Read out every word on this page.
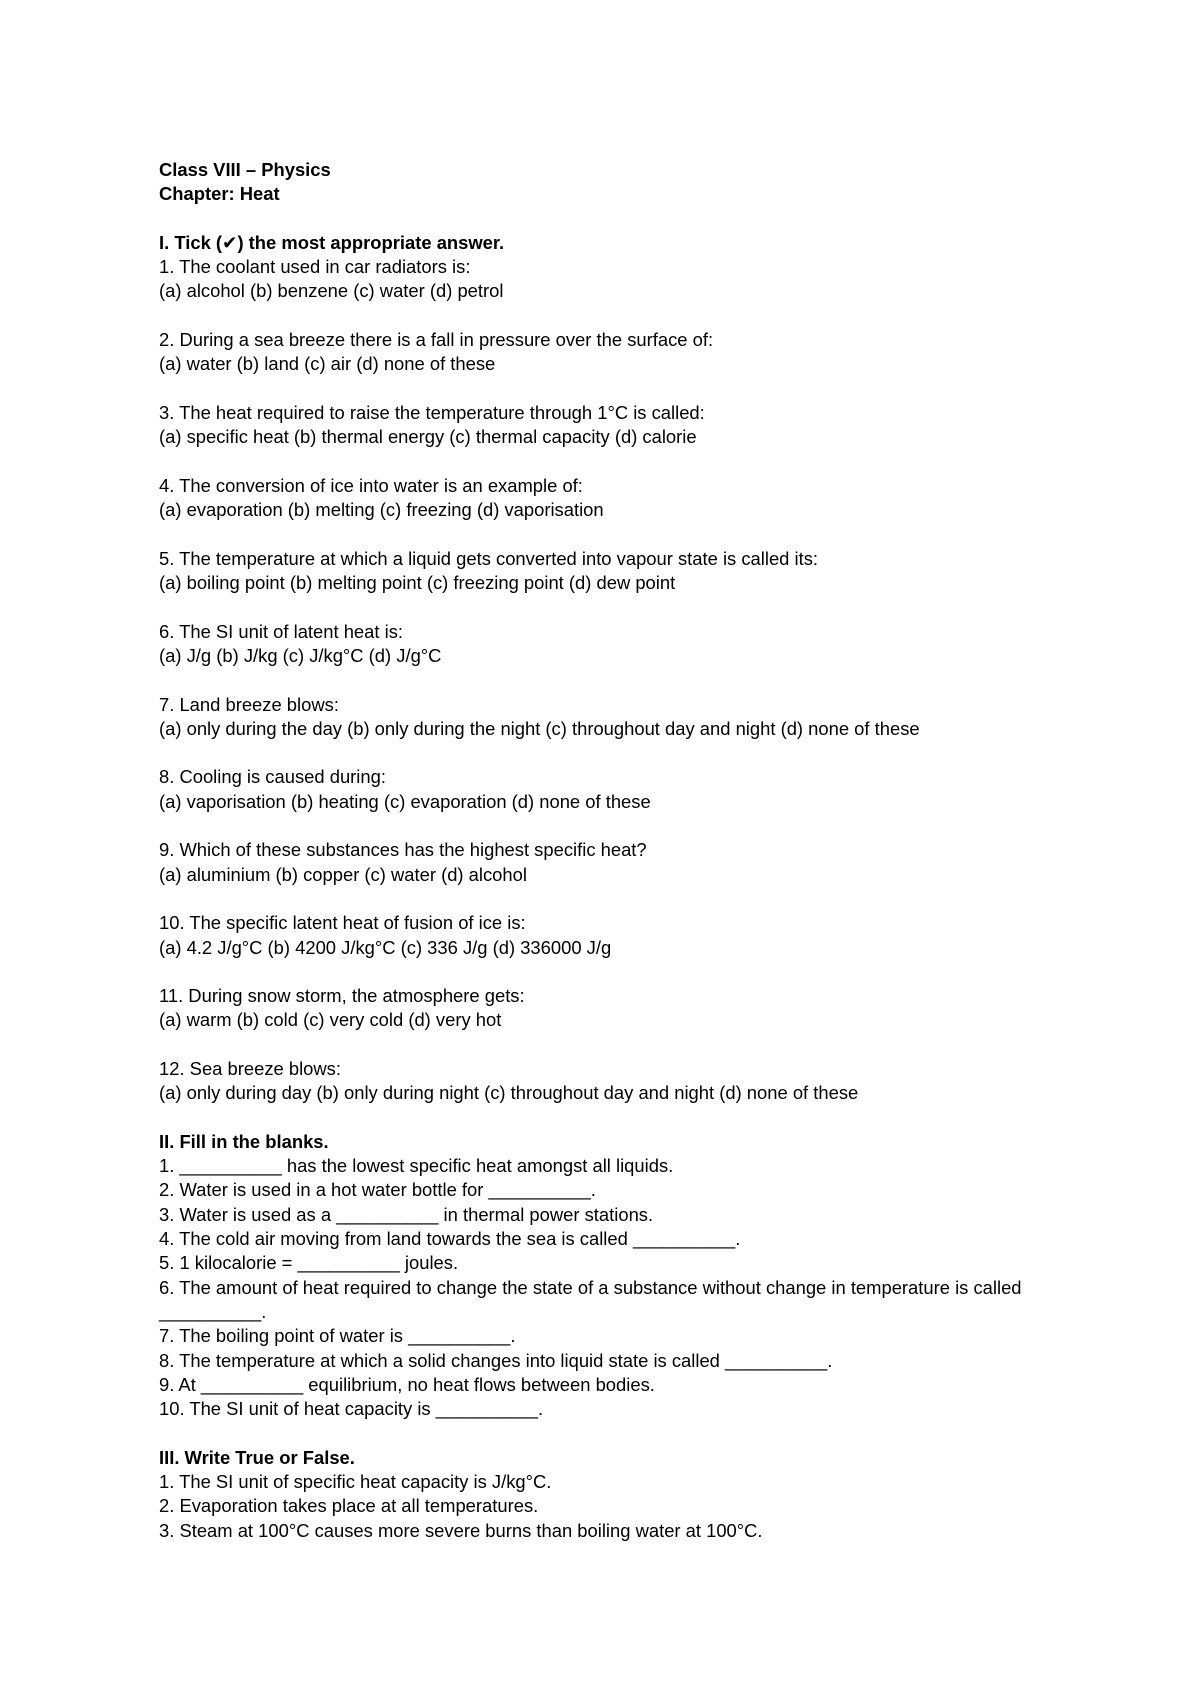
Class VIII – Physics

Chapter: Heat

I. Tick (✔) the most appropriate answer.

1. The coolant used in car radiators is:

(a) alcohol (b) benzene (c) water (d) petrol

2. During a sea breeze there is a fall in pressure over the surface of:

(a) water (b) land (c) air (d) none of these

3. The heat required to raise the temperature through 1°C is called:

(a) specific heat (b) thermal energy (c) thermal capacity (d) calorie

4. The conversion of ice into water is an example of:

(a) evaporation (b) melting (c) freezing (d) vaporisation

5. The temperature at which a liquid gets converted into vapour state is called its:

(a) boiling point (b) melting point (c) freezing point (d) dew point

6. The SI unit of latent heat is:

(a) J/g (b) J/kg (c) J/kg°C (d) J/g°C

7. Land breeze blows:

(a) only during the day (b) only during the night (c) throughout day and night (d) none of these

8. Cooling is caused during:

(a) vaporisation (b) heating (c) evaporation (d) none of these

9. Which of these substances has the highest specific heat?

(a) aluminium (b) copper (c) water (d) alcohol

10. The specific latent heat of fusion of ice is:

(a) 4.2 J/g°C (b) 4200 J/kg°C (c) 336 J/g (d) 336000 J/g

11. During snow storm, the atmosphere gets:

(a) warm (b) cold (c) very cold (d) very hot

12. Sea breeze blows:

(a) only during day (b) only during night (c) throughout day and night (d) none of these

II. Fill in the blanks.

1. __________ has the lowest specific heat amongst all liquids.

2. Water is used in a hot water bottle for __________.

3. Water is used as a __________ in thermal power stations.

4. The cold air moving from land towards the sea is called __________.

5. 1 kilocalorie = __________ joules.

6. The amount of heat required to change the state of a substance without change in temperature is called __________.

7. The boiling point of water is __________.

8. The temperature at which a solid changes into liquid state is called __________.

9. At __________ equilibrium, no heat flows between bodies.

10. The SI unit of heat capacity is __________.

III. Write True or False.

1. The SI unit of specific heat capacity is J/kg°C.

2. Evaporation takes place at all temperatures.

3. Steam at 100°C causes more severe burns than boiling water at 100°C.
